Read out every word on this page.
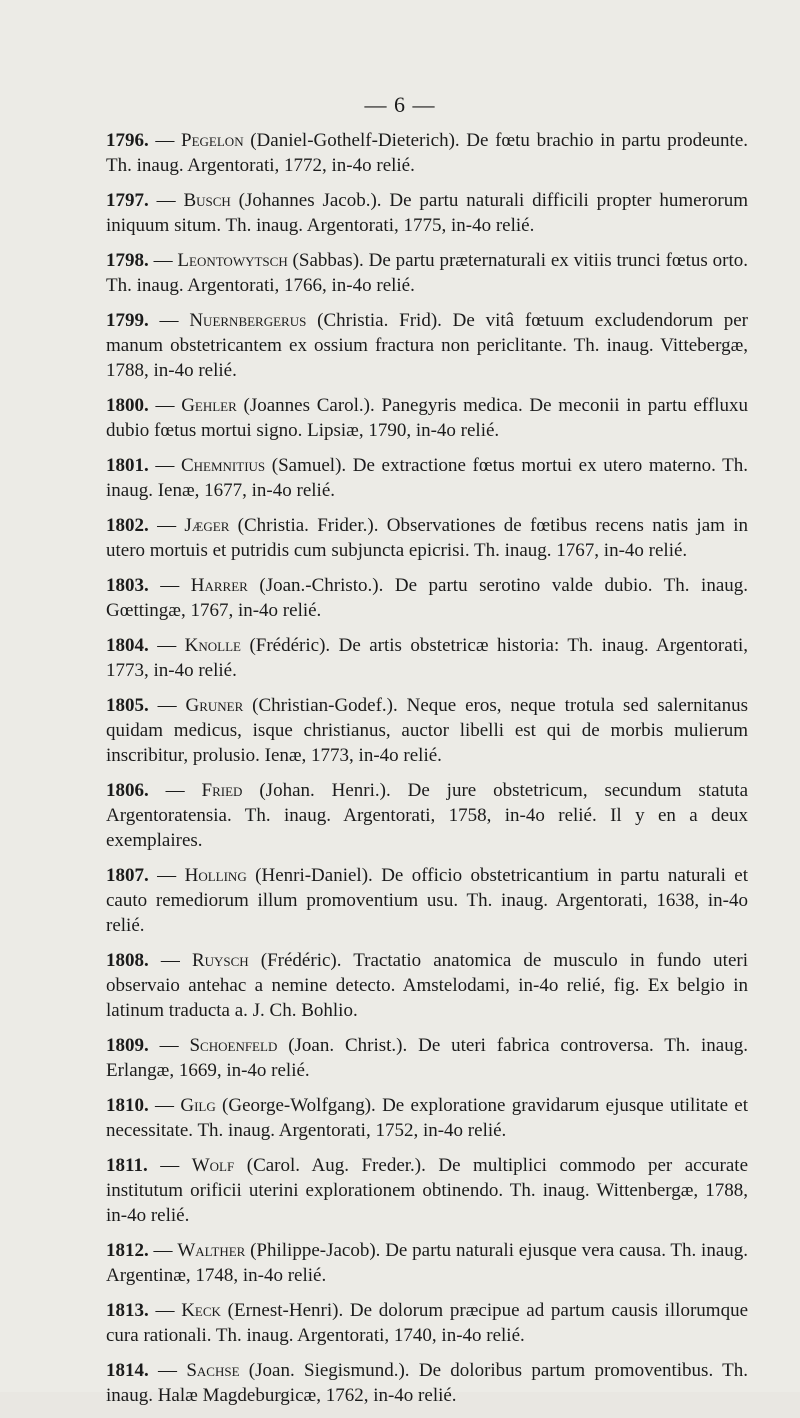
— 6 —

1796. — Pegelon (Daniel-Gothelf-Dieterich). De fœtu brachio in partu prodeunte. Th. inaug. Argentorati, 1772, in-4o relié.

1797. — Busch (Johannes Jacob.). De partu naturali difficili propter humerorum iniquum situm. Th. inaug. Argentorati, 1775, in-4o relié.

1798. — Leontowytsch (Sabbas). De partu præternaturali ex vitiis trunci fœtus orto. Th. inaug. Argentorati, 1766, in-4o relié.

1799. — Nuernbergerus (Christia. Frid). De vitâ fœtuum excludendorum per manum obstetricantem ex ossium fractura non periclitante. Th. inaug. Vittebergæ, 1788, in-4o relié.

1800. — Gehler (Joannes Carol.). Panegyris medica. De meconii in partu effluxu dubio fœtus mortui signo. Lipsiæ, 1790, in-4o relié.

1801. — Chemnitius (Samuel). De extractione fœtus mortui ex utero materno. Th. inaug. Ienæ, 1677, in-4o relié.

1802. — Jæger (Christia. Frider.). Observationes de fœtibus recens natis jam in utero mortuis et putridis cum subjuncta epicrisi. Th. inaug. 1767, in-4o relié.

1803. — Harrer (Joan.-Christo.). De partu serotino valde dubio. Th. inaug. Gœttingæ, 1767, in-4o relié.

1804. — Knolle (Frédéric). De artis obstetricæ historia: Th. inaug. Argentorati, 1773, in-4o relié.

1805. — Gruner (Christian-Godef.). Neque eros, neque trotula sed salernitanus quidam medicus, isque christianus, auctor libelli est qui de morbis mulierum inscribitur, prolusio. Ienæ, 1773, in-4o relié.

1806. — Fried (Johan. Henri.). De jure obstetricum, secundum statuta Argentoratensia. Th. inaug. Argentorati, 1758, in-4o relié. Il y en a deux exemplaires.

1807. — Holling (Henri-Daniel). De officio obstetricantium in partu naturali et cauto remediorum illum promoventium usu. Th. inaug. Argentorati, 1638, in-4o relié.

1808. — Ruysch (Frédéric). Tractatio anatomica de musculo in fundo uteri observaio antehac a nemine detecto. Amstelodami, in-4o relié, fig. Ex belgio in latinum traducta a. J. Ch. Bohlio.

1809. — Schoenfeld (Joan. Christ.). De uteri fabrica controversa. Th. inaug. Erlangæ, 1669, in-4o relié.

1810. — Gilg (George-Wolfgang). De exploratione gravidarum ejusque utilitate et necessitate. Th. inaug. Argentorati, 1752, in-4o relié.

1811. — Wolf (Carol. Aug. Freder.). De multiplici commodo per accurate institutum orificii uterini explorationem obtinendo. Th. inaug. Wittenbergæ, 1788, in-4o relié.

1812. — Walther (Philippe-Jacob). De partu naturali ejusque vera causa. Th. inaug. Argentinæ, 1748, in-4o relié.

1813. — Keck (Ernest-Henri). De dolorum præcipue ad partum causis illorumque cura rationali. Th. inaug. Argentorati, 1740, in-4o relié.

1814. — Sachse (Joan. Siegismund.). De doloribus partum promoventibus. Th. inaug. Halæ Magdeburgicæ, 1762, in-4o relié.
